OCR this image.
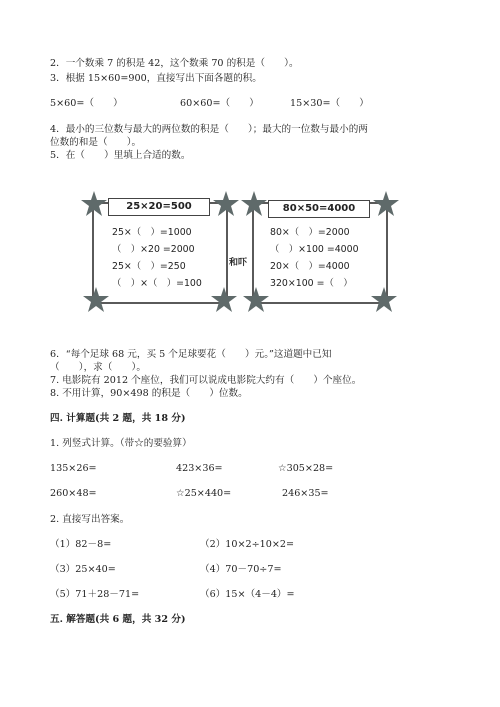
2．一个数乘 7 的积是 42，这个数乘 70 的积是（　　）。
3．根据 15×60=900，直接写出下面各题的积。
5×60=（　　）	60×60=（　　）	15×30=（　　）
4．最小的三位数与最大的两位数的积是（　　）；最大的一位数与最小的两
位数的和是（　　）。
5．在（　　）里填上合适的数。
25×20=500
25×（　）=1000
（　）×20 =2000
25×（　）=250
（　）×（　）=100
和吓
80×50=4000
80×（　）=2000
（　）×100 =4000
20×（　）=4000
320×100 =（　）
6．“每个足球 68 元，买 5 个足球要花（　　）元。”这道题中已知
（　　），求（　　）。
7. 电影院有 2012 个座位，我们可以说成电影院大约有（　　）个座位。
8. 不用计算，90×498 的积是（　　）位数。
四. 计算题(共 2 题，共 18 分)
1. 列竖式计算。（带☆的要验算）
135×26=	423×36=	☆305×28=
260×48=	☆25×440=	246×35=
2. 直接写出答案。
（1）82－8=	（2）10×2÷10×2=
（3）25×40=	（4）70－70÷7=
（5）71＋28－71=	（6）15×（4－4）=
五. 解答题(共 6 题，共 32 分)
